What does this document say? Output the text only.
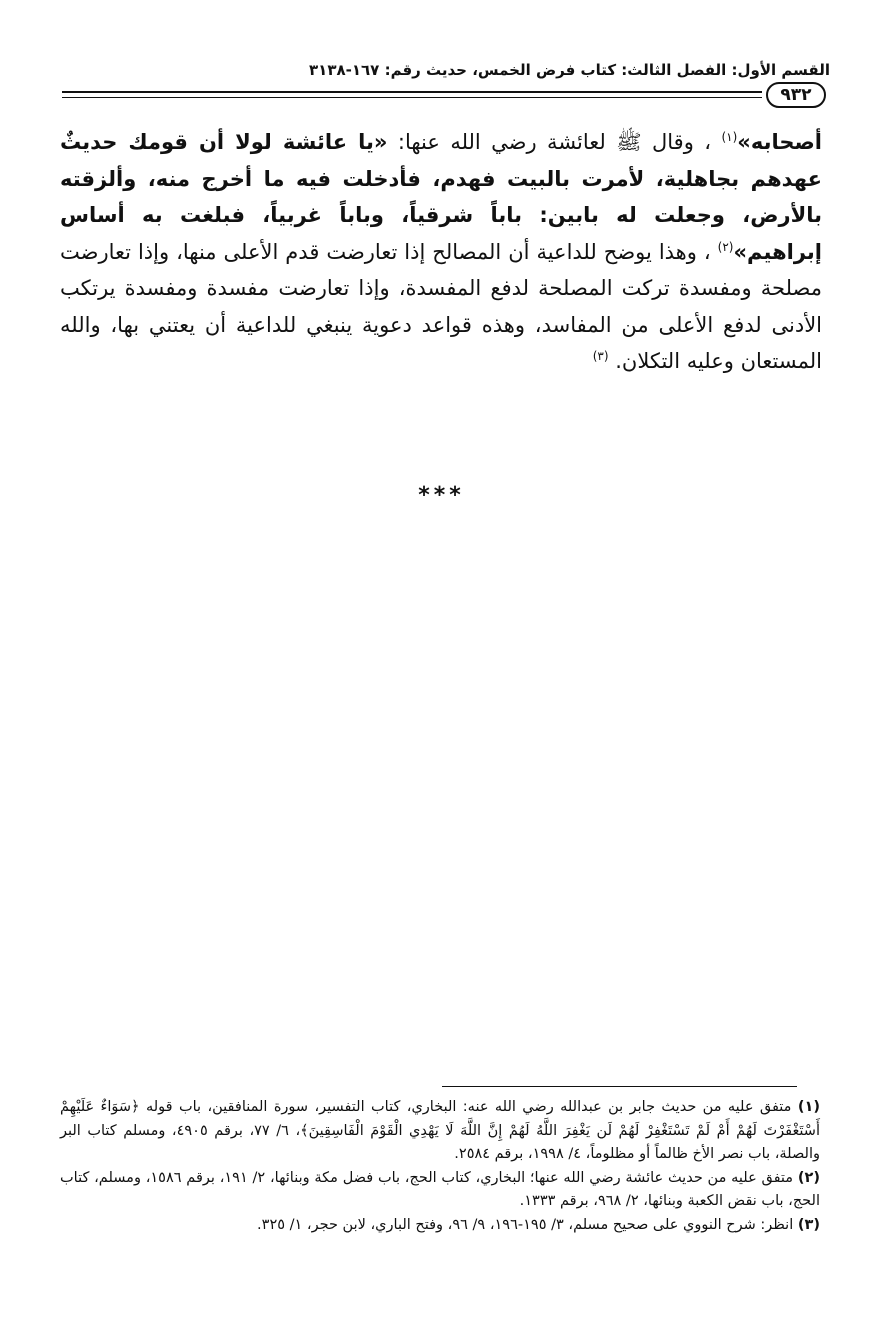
القسم الأول: الفصل الثالث: كتاب فرض الخمس، حديث رقم: ١٦٧-٣١٣٨
٩٣٢

أصحابه»$^{(١)}$ ، وقال ﷺ لعائشة رضي الله عنها: «يا عائشة لولا أن قومك حديثٌ عهدهم بجاهلية، لأمرت بالبيت فهدم، فأدخلت فيه ما أخرج منه، وألزقته بالأرض، وجعلت له بابين: باباً شرقياً، وباباً غربياً، فبلغت به أساس إبراهيم»$^{(٢)}$ ، وهذا يوضح للداعية أن المصالح إذا تعارضت قدم الأعلى منها، وإذا تعارضت مصلحة ومفسدة تركت المصلحة لدفع المفسدة، وإذا تعارضت مفسدة ومفسدة يرتكب الأدنى لدفع الأعلى من المفاسد، وهذه قواعد دعوية ينبغي للداعية أن يعتني بها، والله المستعان وعليه التكلان. $^{(٣)}$

***

(١) متفق عليه من حديث جابر بن عبدالله رضي الله عنه: البخاري، كتاب التفسير، سورة المنافقين، باب قوله ﴿سَوَاءٌ عَلَيْهِمْ أَسْتَغْفَرْتَ لَهُمْ أَمْ لَمْ تَسْتَغْفِرْ لَهُمْ لَن يَغْفِرَ اللَّهُ لَهُمْ إِنَّ اللَّهَ لَا يَهْدِي الْقَوْمَ الْفَاسِقِينَ﴾، ٦/ ٧٧، برقم ٤٩٠٥، ومسلم كتاب البر والصلة، باب نصر الأخ ظالماً أو مظلوماً، ٤/ ١٩٩٨، برقم ٢٥٨٤.

(٢) متفق عليه من حديث عائشة رضي الله عنها؛ البخاري، كتاب الحج، باب فضل مكة وبنائها، ٢/ ١٩١، برقم ١٥٨٦، ومسلم، كتاب الحج، باب نقض الكعبة وبنائها، ٢/ ٩٦٨، برقم ١٣٣٣.

(٣) انظر: شرح النووي على صحيح مسلم، ٣/ ١٩٥-١٩٦، ٩/ ٩٦، وفتح الباري، لابن حجر، ١/ ٣٢٥.
